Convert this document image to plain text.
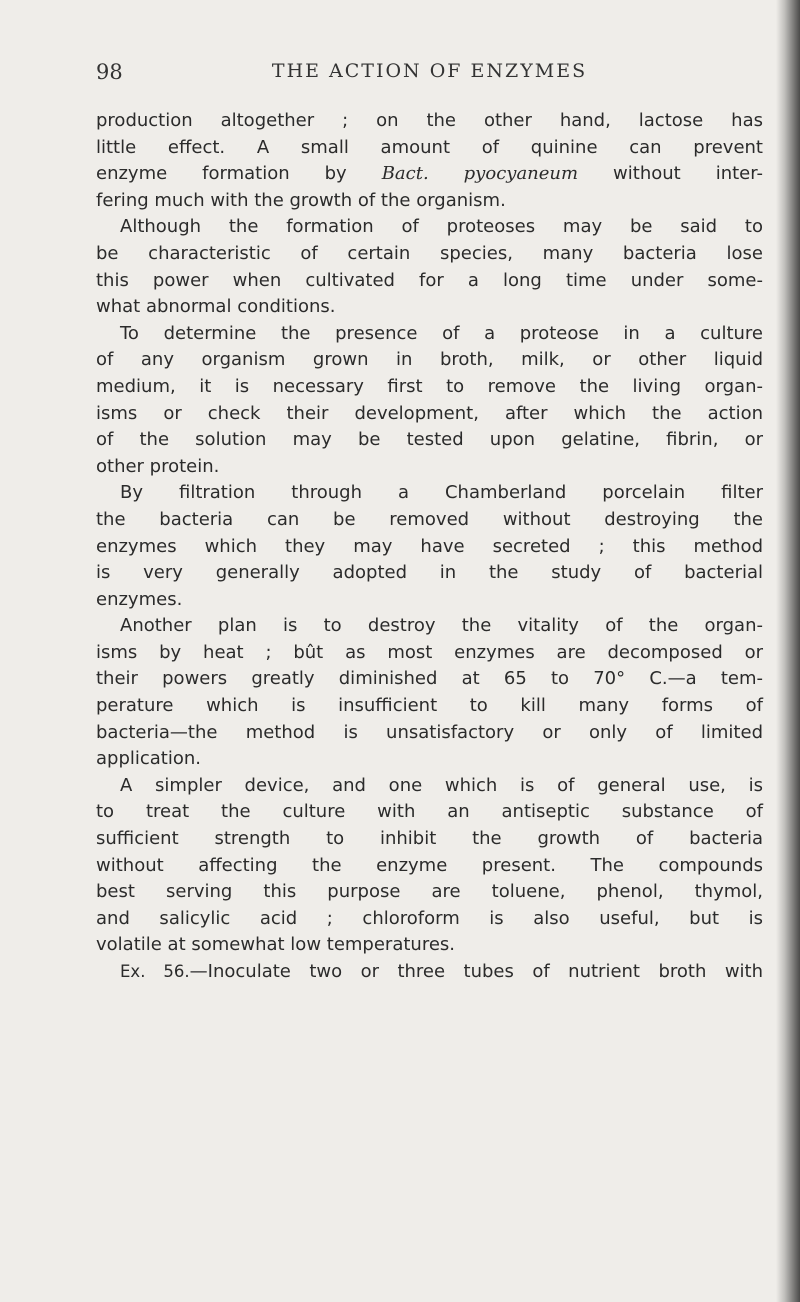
98	THE ACTION OF ENZYMES
production altogether ; on the other hand, lactose has
little effect. A small amount of quinine can prevent
enzyme formation by Bact. pyocyaneum without inter-
fering much with the growth of the organism.
Although the formation of proteoses may be said to
be characteristic of certain species, many bacteria lose
this power when cultivated for a long time under some-
what abnormal conditions.
To determine the presence of a proteose in a culture
of any organism grown in broth, milk, or other liquid
medium, it is necessary first to remove the living organ-
isms or check their development, after which the action
of the solution may be tested upon gelatine, fibrin, or
other protein.
By filtration through a Chamberland porcelain filter
the bacteria can be removed without destroying the
enzymes which they may have secreted ; this method
is very generally adopted in the study of bacterial
enzymes.
Another plan is to destroy the vitality of the organ-
isms by heat ; bût as most enzymes are decomposed or
their powers greatly diminished at 65 to 70° C.—a tem-
perature which is insufficient to kill many forms of
bacteria—the method is unsatisfactory or only of limited
application.
A simpler device, and one which is of general use, is
to treat the culture with an antiseptic substance of
sufficient strength to inhibit the growth of bacteria
without affecting the enzyme present. The compounds
best serving this purpose are toluene, phenol, thymol,
and salicylic acid ; chloroform is also useful, but is
volatile at somewhat low temperatures.
Ex. 56.—Inoculate two or three tubes of nutrient broth with
